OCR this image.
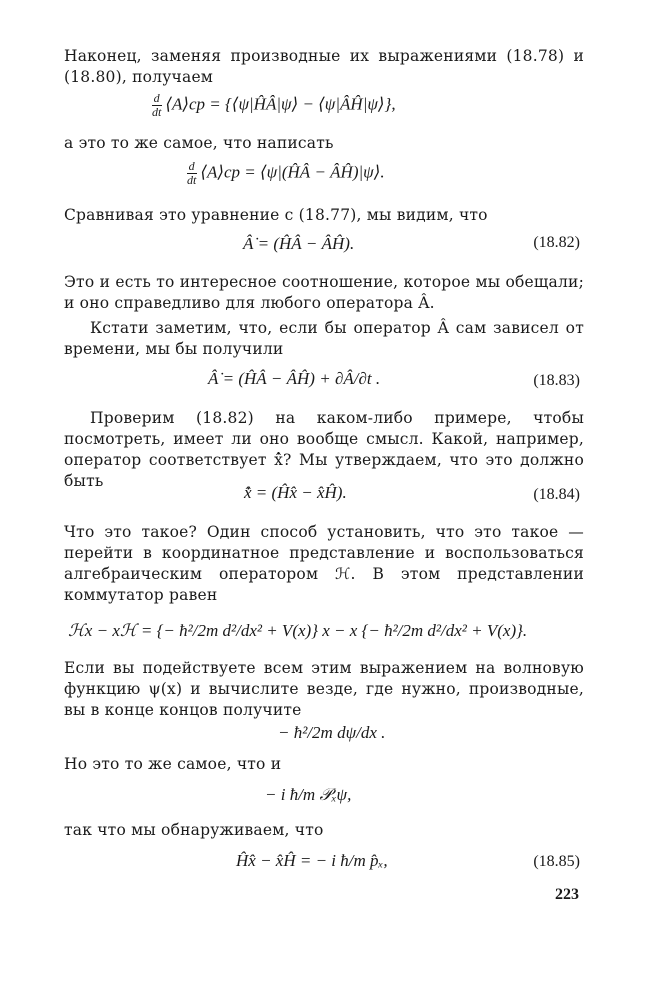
Наконец, заменяя производные их выражениями (18.78) и (18.80), получаем
$\frac{d}{dt}$ ⟨A⟩ср = {⟨ψ|ĤÂ|ψ⟩ − ⟨ψ|ÂĤ|ψ⟩},
а это то же самое, что написать
$\frac{d}{dt}$ ⟨A⟩ср = ⟨ψ|(ĤÂ − ÂĤ)|ψ⟩.
Сравнивая это уравнение с (18.77), мы видим, что
Â̇ = (ĤÂ − ÂĤ).	(18.82)
Это и есть то интересное соотношение, которое мы обещали; и оно справедливо для любого оператора Â.
Кстати заметим, что, если бы оператор Â сам зависел от времени, мы бы получили
Â̇ = (ĤÂ − ÂĤ) + ∂Â/∂t .	(18.83)
Проверим (18.82) на каком-либо примере, чтобы посмотреть, имеет ли оно вообще смысл. Какой, например, оператор соответствует x̂̇? Мы утверждаем, что это должно быть
x̂̇ = (Ĥx̂ − x̂Ĥ).	(18.84)
Что это такое? Один способ установить, что это такое — перейти в координатное представление и воспользоваться алгебраическим оператором ℋ. В этом представлении коммутатор равен
ℋx − xℋ = {− ħ²/2m d²/dx² + V(x)} x − x {− ħ²/2m d²/dx² + V(x)}.
Если вы подействуете всем этим выражением на волновую функцию ψ(x) и вычислите везде, где нужно, производные, вы в конце концов получите
− ħ²/2m dψ/dx .
Но это то же самое, что и
− i ħ/m 𝒫ₓψ,
так что мы обнаруживаем, что
Ĥx̂ − x̂Ĥ = − i ħ/m p̂ₓ,	(18.85)
223
